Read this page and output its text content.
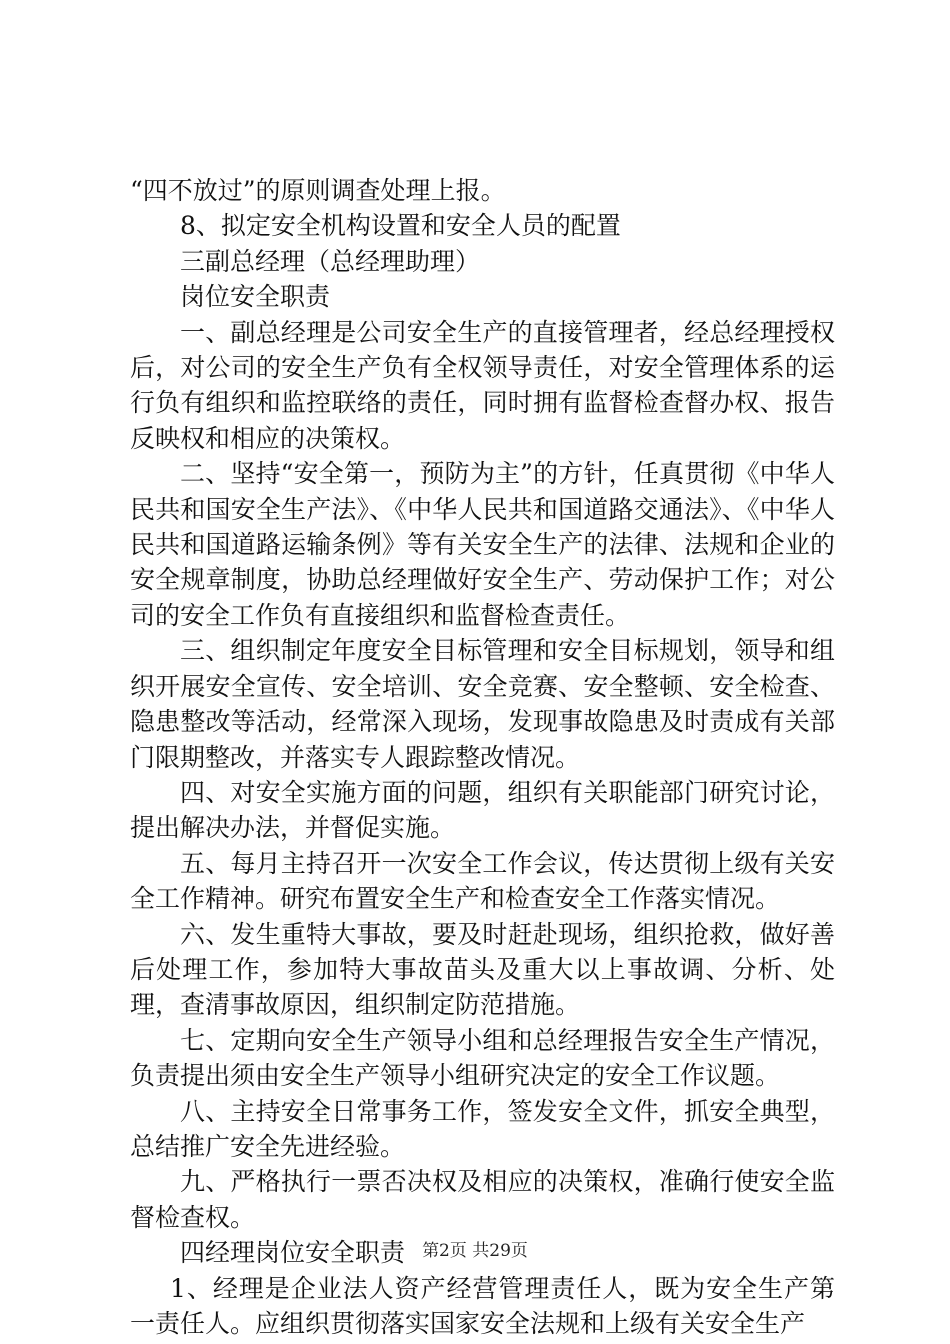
“四不放过”的原则调查处理上报。

8、拟定安全机构设置和安全人员的配置

三副总经理（总经理助理）

岗位安全职责

一、副总经理是公司安全生产的直接管理者，经总经理授权后，对公司的安全生产负有全权领导责任，对安全管理体系的运行负有组织和监控联络的责任，同时拥有监督检查督办权、报告反映权和相应的决策权。

二、坚持“安全第一，预防为主”的方针，任真贯彻《中华人民共和国安全生产法》、《中华人民共和国道路交通法》、《中华人民共和国道路运输条例》等有关安全生产的法律、法规和企业的安全规章制度，协助总经理做好安全生产、劳动保护工作；对公司的安全工作负有直接组织和监督检查责任。

三、组织制定年度安全目标管理和安全目标规划，领导和组织开展安全宣传、安全培训、安全竞赛、安全整顿、安全检查、隐患整改等活动，经常深入现场，发现事故隐患及时责成有关部门限期整改，并落实专人跟踪整改情况。

四、对安全实施方面的问题，组织有关职能部门研究讨论，提出解决办法，并督促实施。

五、每月主持召开一次安全工作会议，传达贯彻上级有关安全工作精神。研究布置安全生产和检查安全工作落实情况。

六、发生重特大事故，要及时赶赴现场，组织抢救，做好善后处理工作，参加特大事故苗头及重大以上事故调、分析、处理，查清事故原因，组织制定防范措施。

七、定期向安全生产领导小组和总经理报告安全生产情况，负责提出须由安全生产领导小组研究决定的安全工作议题。

八、主持安全日常事务工作，签发安全文件，抓安全典型，总结推广安全先进经验。

九、严格执行一票否决权及相应的决策权，准确行使安全监督检查权。

四经理岗位安全职责

1、经理是企业法人资产经营管理责任人，既为安全生产第一责任人。应组织贯彻落实国家安全法规和上级有关安全生产

第2页 共29页
